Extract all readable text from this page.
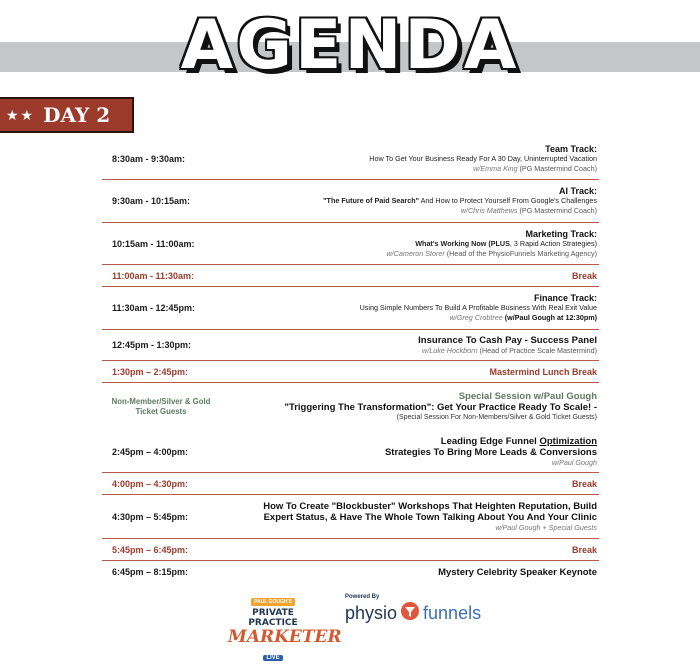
AGENDA
★★ DAY 2
8:30am - 9:30am:
Team Track:
How To Get Your Business Ready For A 30 Day, Uninterrupted Vacation
w/Emma King (PG Mastermind Coach)
9:30am - 10:15am:
AI Track:
"The Future of Paid Search" And How to Protect Yourself From Google's Challenges
w/Chris Matthews (PG Mastermind Coach)
10:15am - 11:00am:
Marketing Track:
What's Working Now (PLUS, 3 Rapid Action Strategies)
w/Cameron Storer (Head of the PhysioFunnels Marketing Agency)
11:00am - 11:30am:	Break
11:30am - 12:45pm:
Finance Track:
Using Simple Numbers To Build A Profitable Business With Real Exit Value
w/Greg Crobtree (w/Paul Gough at 12:30pm)
12:45pm - 1:30pm:	Insurance To Cash Pay - Success Panel
w/Luke Hockborn (Head of Practice Scale Mastermind)
1:30pm – 2:45pm:	Mastermind Lunch Break
Non-Member/Silver & Gold Ticket Guests
Special Session w/Paul Gough
"Triggering The Transformation": Get Your Practice Ready To Scale! -
(Special Session For Non-Members/Silver & Gold Ticket Guests)
2:45pm – 4:00pm:
Leading Edge Funnel Optimization
Strategies To Bring More Leads & Conversions
w/Paul Gough
4:00pm – 4:30pm:	Break
4:30pm – 5:45pm:
How To Create "Blockbuster" Workshops That Heighten Reputation, Build
Expert Status, & Have The Whole Town Talking About You And Your Clinic
w/Paul Gough + Special Guests
5:45pm – 6:45pm:	Break
6:45pm – 8:15pm:	Mystery Celebrity Speaker Keynote
PAUL GOUGH'S
PRIVATE PRACTICE
MARKETER
LIVE
Powered By
physio funnels
